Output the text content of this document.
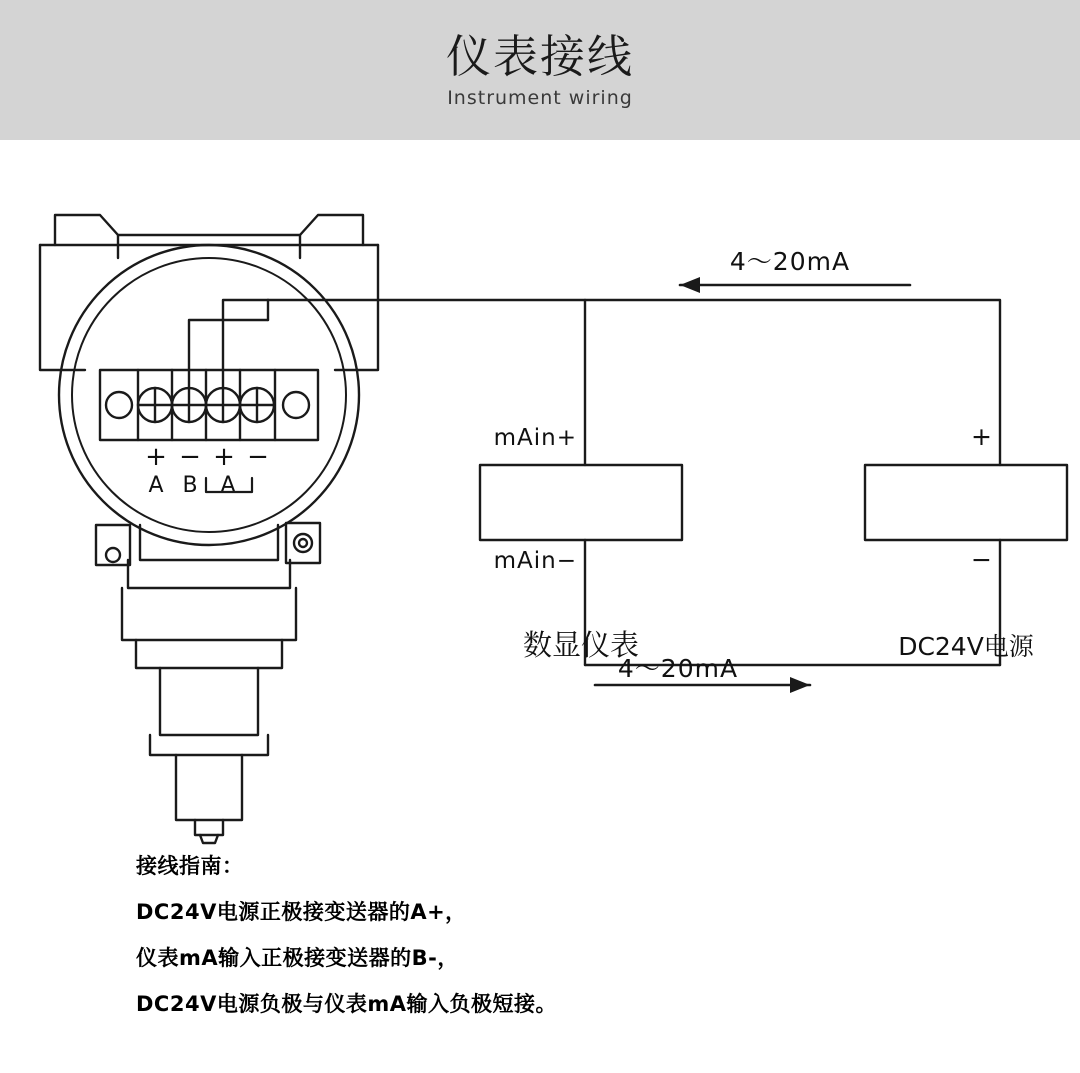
仪表接线
Instrument wiring
+ − + −
A B A
4～20mA
4～20mA
mAin+
mAin−
+
−
数显仪表	DC24V电源
接线指南：
DC24V电源正极接变送器的A+，
仪表mA输入正极接变送器的B-，
DC24V电源负极与仪表mA输入负极短接。
